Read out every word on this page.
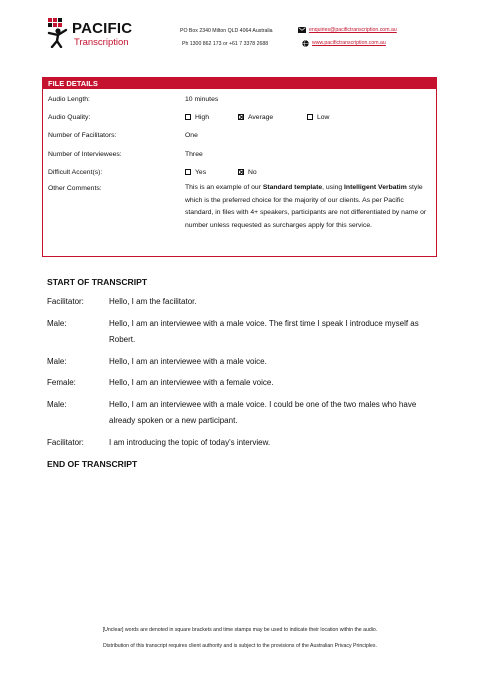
PACIFIC
Transcription
PO Box 2340 Milton QLD 4064 Australia
Ph 1300 862 173 or +61 7 3378 2688
enquiries@pacifictranscription.com.au
www.pacifictranscription.com.au
FILE DETAILS
Audio Length:	10 minutes
Audio Quality:	High	Average	Low
Number of Facilitators:	One
Number of Interviewees:	Three
Difficult Accent(s):	Yes	No
Other Comments:	This is an example of our Standard template, using Intelligent Verbatim style which is the preferred choice for the majority of our clients. As per Pacific standard, in files with 4+ speakers, participants are not differentiated by name or number unless requested as surcharges apply for this service.
START OF TRANSCRIPT
Facilitator:	Hello, I am the facilitator.
Male:	Hello, I am an interviewee with a male voice. The first time I speak I introduce myself as Robert.
Male:	Hello, I am an interviewee with a male voice.
Female:	Hello, I am an interviewee with a female voice.
Male:	Hello, I am an interviewee with a male voice. I could be one of the two males who have already spoken or a new participant.
Facilitator:	I am introducing the topic of today's interview.
END OF TRANSCRIPT
[Unclear] words are denoted in square brackets and time stamps may be used to indicate their location within the audio.
Distribution of this transcript requires client authority and is subject to the provisions of the Australian Privacy Principles.
